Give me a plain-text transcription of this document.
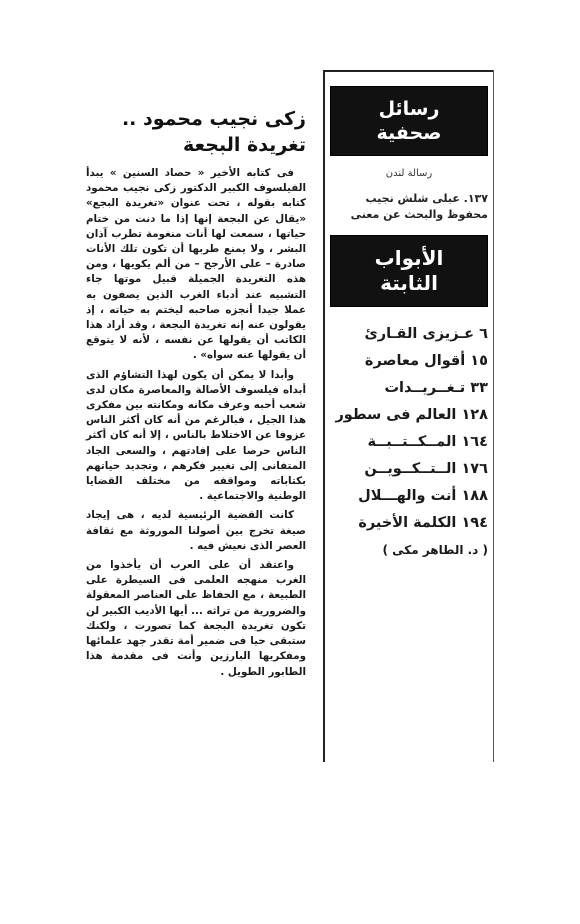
زكى نجيب محمود ..
تغريدة البجعة

فى كتابه الأخير « حصاد السنين » يبدأ الفيلسوف الكبير الدكتور زكى نجيب محمود كتابه بقوله ، تحت عنوان «تغريدة البجع» «يقال عن البجعة إنها إذا ما دنت من ختام حياتها ، سمعت لها أنات منغومة تطرب آذان البشر ، ولا يمنع طربها أن تكون تلك الأنات صادرة – على الأرجح – من ألم يكويها ، ومن هذه التغريدة الجميلة قبيل موتها جاء التشبيه عند أدباء الغرب الذين يصفون به عملا جيدا أنجزه صاحبه ليختم به حياته ، إذ يقولون عنه إنه تغريدة البجعة ، وقد أراد هذا الكاتب أن يقولها عن نفسه ، لأنه لا يتوقع أن يقولها عنه سواه» .

وأبدا لا يمكن أن يكون لهذا التشاؤم الذى أبداه فيلسوف الأصالة والمعاصرة مكان لدى شعب أحبه وعرف مكانه ومكانته بين مفكرى هذا الجيل ، فبالرغم من أنه كان أكثر الناس عزوفا عن الاختلاط بالناس ، إلا أنه كان أكثر الناس حرصا على إفادتهم ، والسعى الجاد المتفانى إلى تغيير فكرهم ، وتجديد حياتهم بكتاباته ومواقفه من مختلف القضايا الوطنية والاجتماعية .

كانت القضية الرئيسية لديه ، هى إيجاد صيغة تخرج بين أصولنا الموروثة مع ثقافة العصر الذى نعيش فيه .

واعتقد أن على العرب أن يأخذوا من الغرب منهجه العلمى فى السيطرة على الطبيعة ، مع الحفاظ على العناصر المعقولة والضرورية من تراثه ... أيها الأديب الكبير لن تكون تغريدة البجعة كما تصورت ، ولكنك ستبقى حيا فى ضمير أمة تقدر جهد علمائها ومفكريها البارزين وأنت فى مقدمة هذا الطابور الطويل .

رسائل
صحفية
رسالة لندن
١٣٧. عبلى شلش نجيب محفوظ والبحث عن معنى
الأبواب
الثابتة
٦ عـزيزى القـارئ
١٥ أقوال معاصرة
٣٣ تـغــريــدات
١٢٨ العالم فى سطور
١٦٤ المــكــتــبــة
١٧٦ الــتــكــويــن
١٨٨ أنت والهـــلال
١٩٤ الكلمة الأخيرة
( د. الطاهر مكى )
